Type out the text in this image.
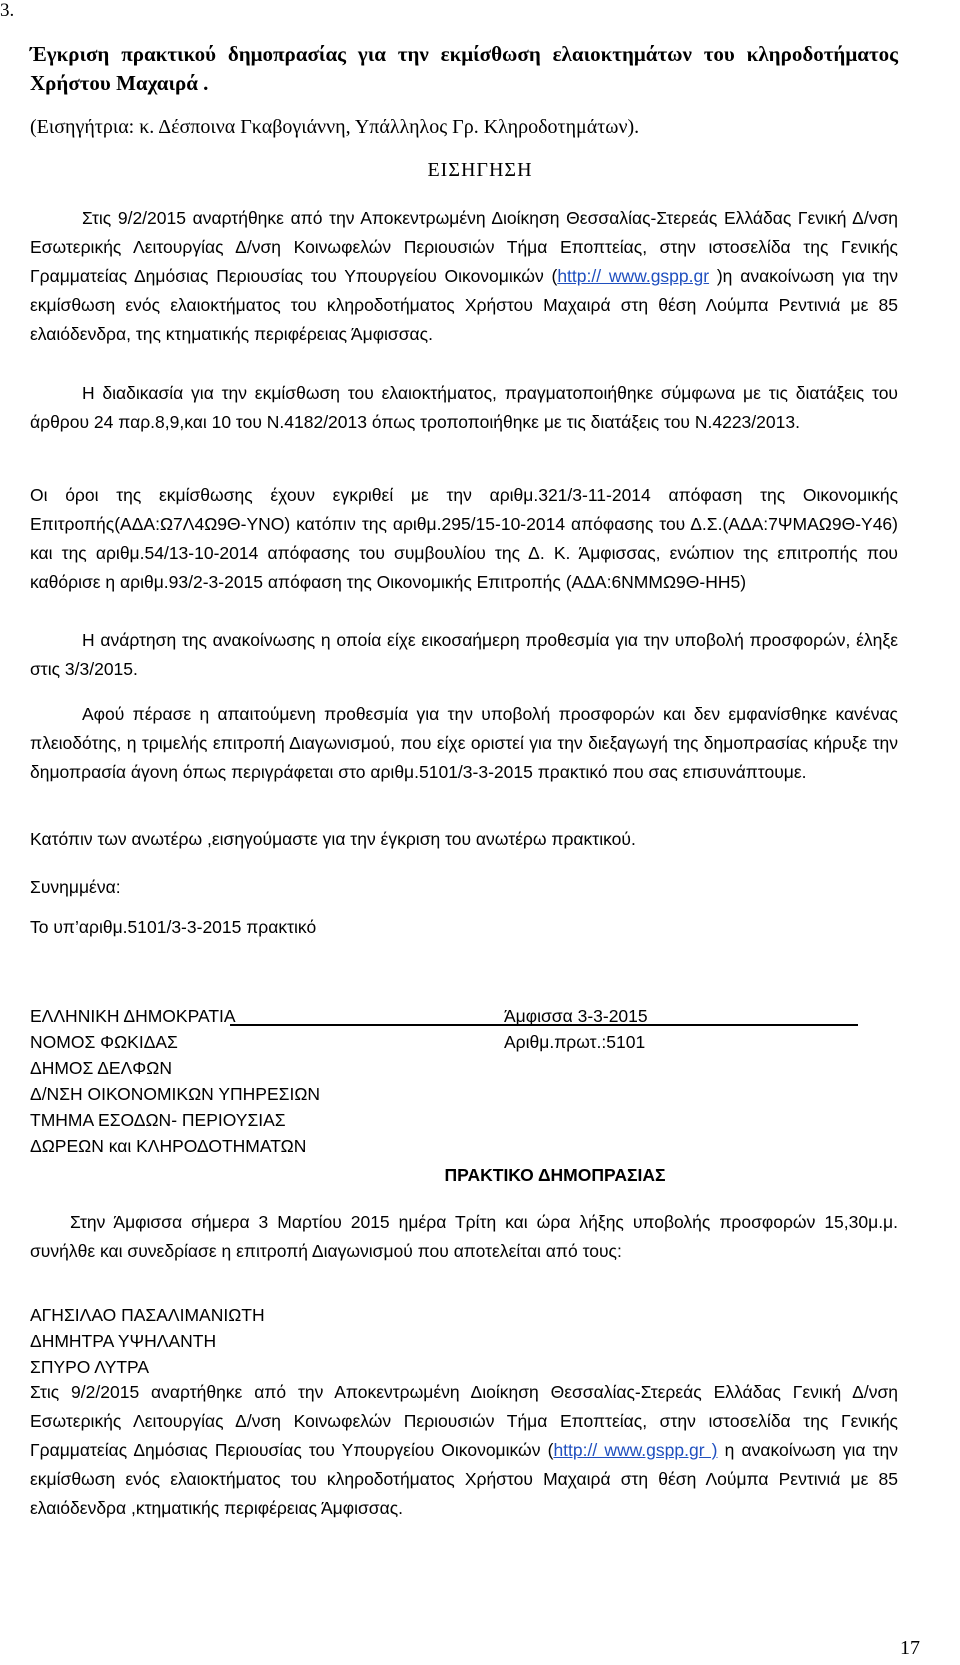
3.

Έγκριση πρακτικού δημοπρασίας για την εκμίσθωση ελαιοκτημάτων του κληροδοτήματος Χρήστου Μαχαιρά .

(Εισηγήτρια: κ. Δέσποινα Γκαβογιάννη, Υπάλληλος Γρ. Κληροδοτημάτων).

ΕΙΣΗΓΗΣΗ

Στις 9/2/2015 αναρτήθηκε από την Αποκεντρωμένη Διοίκηση Θεσσαλίας-Στερεάς Ελλάδας Γενική Δ/νση Εσωτερικής Λειτουργίας Δ/νση Κοινωφελών Περιουσιών Τήμα Εποπτείας, στην ιστοσελίδα της Γενικής Γραμματείας Δημόσιας Περιουσίας του Υπουργείου Οικονομικών (http:// www.gspp.gr )η ανακοίνωση για την εκμίσθωση ενός ελαιοκτήματος του κληροδοτήματος Χρήστου Μαχαιρά στη θέση Λούμπα Ρεντινιά με 85 ελαιόδενδρα, της κτηματικής περιφέρειας Άμφισσας.

Η διαδικασία για την εκμίσθωση του ελαιοκτήματος, πραγματοποιήθηκε σύμφωνα με τις διατάξεις του άρθρου 24 παρ.8,9,και 10 του Ν.4182/2013 όπως τροποποιήθηκε με τις διατάξεις του Ν.4223/2013.

Οι όροι της εκμίσθωσης έχουν εγκριθεί με την αριθμ.321/3-11-2014 απόφαση της Οικονομικής Επιτροπής(ΑΔΑ:Ω7Λ4Ω9Θ-ΥΝΟ) κατόπιν της αριθμ.295/15-10-2014 απόφασης του Δ.Σ.(ΑΔΑ:7ΨΜΑΩ9Θ-Υ46) και της αριθμ.54/13-10-2014 απόφασης του συμβουλίου της Δ. Κ. Άμφισσας, ενώπιον της επιτροπής που καθόρισε η αριθμ.93/2-3-2015 απόφαση της Οικονομικής Επιτροπής (ΑΔΑ:6ΝΜΜΩ9Θ-ΗΗ5)

Η ανάρτηση της ανακοίνωσης η οποία είχε εικοσαήμερη προθεσμία για την υποβολή προσφορών, έληξε στις 3/3/2015.

Αφού πέρασε η απαιτούμενη προθεσμία για την υποβολή προσφορών και δεν εμφανίσθηκε κανένας πλειοδότης, η τριμελής επιτροπή Διαγωνισμού, που είχε οριστεί για την διεξαγωγή της δημοπρασίας κήρυξε την δημοπρασία άγονη όπως περιγράφεται στο αριθμ.5101/3-3-2015 πρακτικό που σας επισυνάπτουμε.

Κατόπιν των ανωτέρω ,εισηγούμαστε για την έγκριση του ανωτέρω πρακτικού.

Συνημμένα:

Το υπ’αριθμ.5101/3-3-2015 πρακτικό

ΕΛΛΗΝΙΚΗ ΔΗΜΟΚΡΑΤΙΑ
ΝΟΜΟΣ ΦΩΚΙΔΑΣ
ΔΗΜΟΣ ΔΕΛΦΩΝ
Δ/ΝΣΗ ΟΙΚΟΝΟΜΙΚΩΝ ΥΠΗΡΕΣΙΩΝ
ΤΜΗΜΑ ΕΣΟΔΩΝ- ΠΕΡΙΟΥΣΙΑΣ
ΔΩΡΕΩΝ και ΚΛΗΡΟΔΟΤΗΜΑΤΩΝ
Άμφισσα 3-3-2015
Αριθμ.πρωτ.:5101

ΠΡΑΚΤΙΚΟ ΔΗΜΟΠΡΑΣΙΑΣ

Στην Άμφισσα σήμερα 3 Μαρτίου 2015 ημέρα Τρίτη και ώρα λήξης υποβολής προσφορών 15,30μ.μ. συνήλθε και συνεδρίασε η επιτροπή Διαγωνισμού που αποτελείται από τους:

ΑΓΗΣΙΛΑΟ ΠΑΣΑΛΙΜΑΝΙΩΤΗ
ΔΗΜΗΤΡΑ ΥΨΗΛΑΝΤΗ
ΣΠΥΡΟ ΛΥΤΡΑ

Στις 9/2/2015 αναρτήθηκε από την Αποκεντρωμένη Διοίκηση Θεσσαλίας-Στερεάς Ελλάδας Γενική Δ/νση Εσωτερικής Λειτουργίας Δ/νση Κοινωφελών Περιουσιών Τήμα Εποπτείας, στην ιστοσελίδα της Γενικής Γραμματείας Δημόσιας Περιουσίας του Υπουργείου Οικονομικών (http:// www.gspp.gr ) η ανακοίνωση για την εκμίσθωση ενός ελαιοκτήματος του κληροδοτήματος Χρήστου Μαχαιρά στη θέση Λούμπα Ρεντινιά με 85 ελαιόδενδρα ,κτηματικής περιφέρειας Άμφισσας.

17
